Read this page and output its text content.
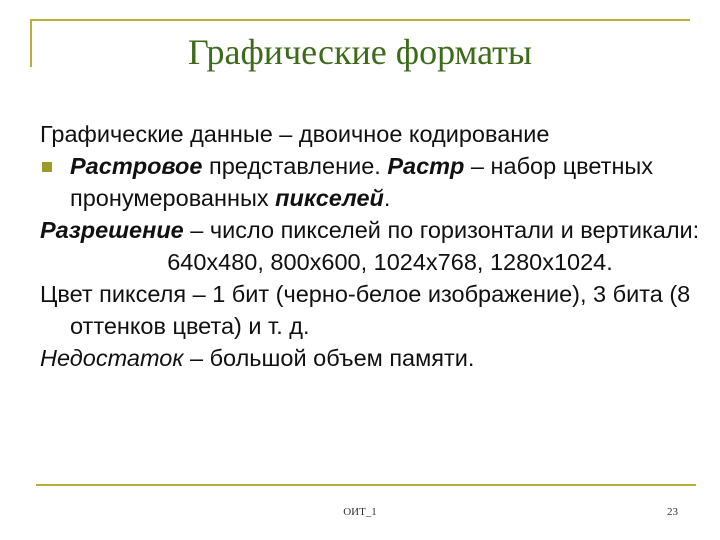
Графические форматы

Графические данные – двоичное кодирование

Растровое представление. Растр – набор цветных пронумерованных пикселей.

Разрешение – число пикселей по горизонтали и вертикали:

640x480, 800x600, 1024x768, 1280x1024.

Цвет пикселя – 1 бит (черно-белое изображение), 3 бита (8 оттенков цвета) и т. д.

Недостаток – большой объем памяти.

ОИТ_1	23
